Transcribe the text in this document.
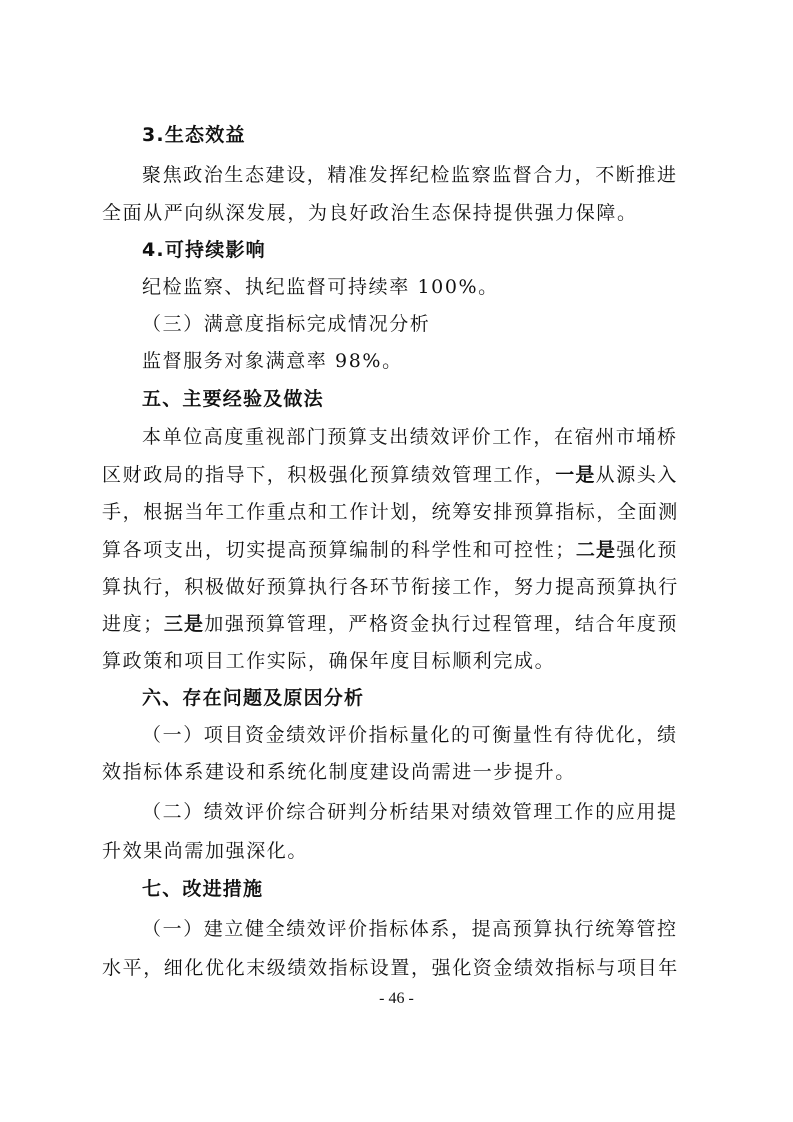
3.生态效益
聚焦政治生态建设，精准发挥纪检监察监督合力，不断推进
全面从严向纵深发展，为良好政治生态保持提供强力保障。
4.可持续影响
纪检监察、执纪监督可持续率 100%。
（三）满意度指标完成情况分析
监督服务对象满意率 98%。
五、主要经验及做法
本单位高度重视部门预算支出绩效评价工作，在宿州市埇桥
区财政局的指导下，积极强化预算绩效管理工作，一是从源头入
手，根据当年工作重点和工作计划，统筹安排预算指标，全面测
算各项支出，切实提高预算编制的科学性和可控性；二是强化预
算执行，积极做好预算执行各环节衔接工作，努力提高预算执行
进度；三是加强预算管理，严格资金执行过程管理，结合年度预
算政策和项目工作实际，确保年度目标顺利完成。
六、存在问题及原因分析
（一）项目资金绩效评价指标量化的可衡量性有待优化，绩
效指标体系建设和系统化制度建设尚需进一步提升。
（二）绩效评价综合研判分析结果对绩效管理工作的应用提
升效果尚需加强深化。
七、改进措施
（一）建立健全绩效评价指标体系，提高预算执行统筹管控
水平，细化优化末级绩效指标设置，强化资金绩效指标与项目年
- 46 -
